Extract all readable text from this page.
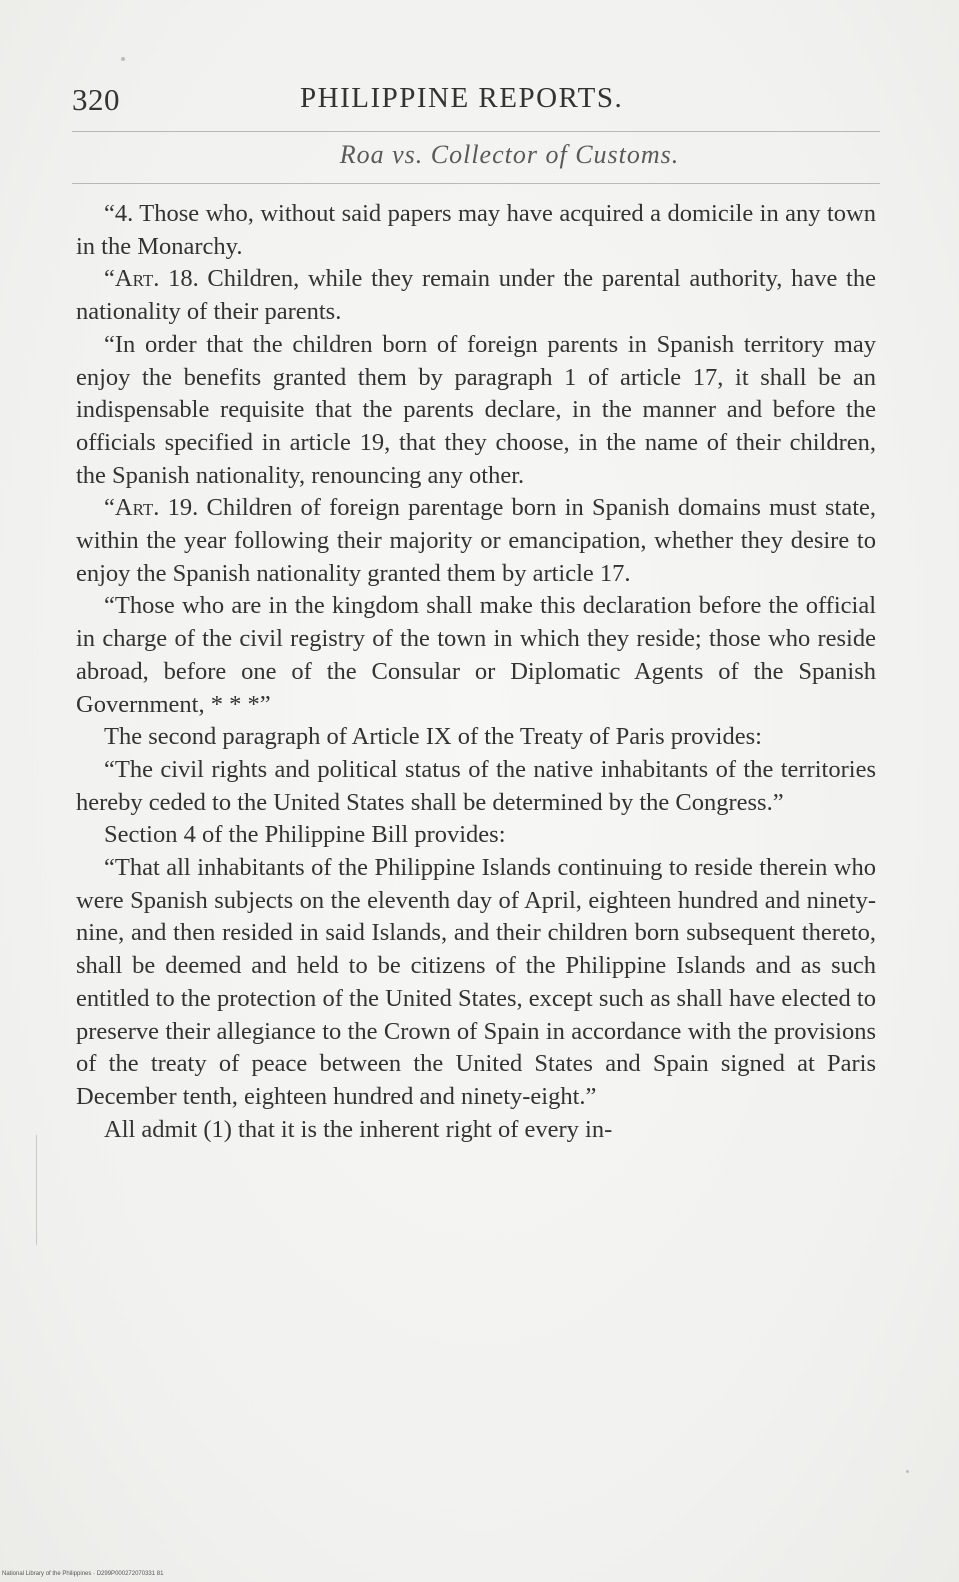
320	PHILIPPINE REPORTS.
Roa vs. Collector of Customs.

“4. Those who, without said papers may have acquired a domicile in any town in the Monarchy.

“Art. 18. Children, while they remain under the parental authority, have the nationality of their parents.

“In order that the children born of foreign parents in Spanish territory may enjoy the benefits granted them by paragraph 1 of article 17, it shall be an indispensable requisite that the parents declare, in the manner and before the officials specified in article 19, that they choose, in the name of their children, the Spanish nationality, renouncing any other.

“Art. 19. Children of foreign parentage born in Spanish domains must state, within the year following their majority or emancipation, whether they desire to enjoy the Spanish nationality granted them by article 17.

“Those who are in the kingdom shall make this declaration before the official in charge of the civil registry of the town in which they reside; those who reside abroad, before one of the Consular or Diplomatic Agents of the Spanish Government, * * *”

The second paragraph of Article IX of the Treaty of Paris provides:

“The civil rights and political status of the native inhabitants of the territories hereby ceded to the United States shall be determined by the Congress.”

Section 4 of the Philippine Bill provides:

“That all inhabitants of the Philippine Islands continuing to reside therein who were Spanish subjects on the eleventh day of April, eighteen hundred and ninety-nine, and then resided in said Islands, and their children born subsequent thereto, shall be deemed and held to be citizens of the Philippine Islands and as such entitled to the protection of the United States, except such as shall have elected to preserve their allegiance to the Crown of Spain in accordance with the provisions of the treaty of peace between the United States and Spain signed at Paris December tenth, eighteen hundred and ninety-eight.”

All admit (1) that it is the inherent right of every in-

National Library of the Philippines · D299P000272070331 81
